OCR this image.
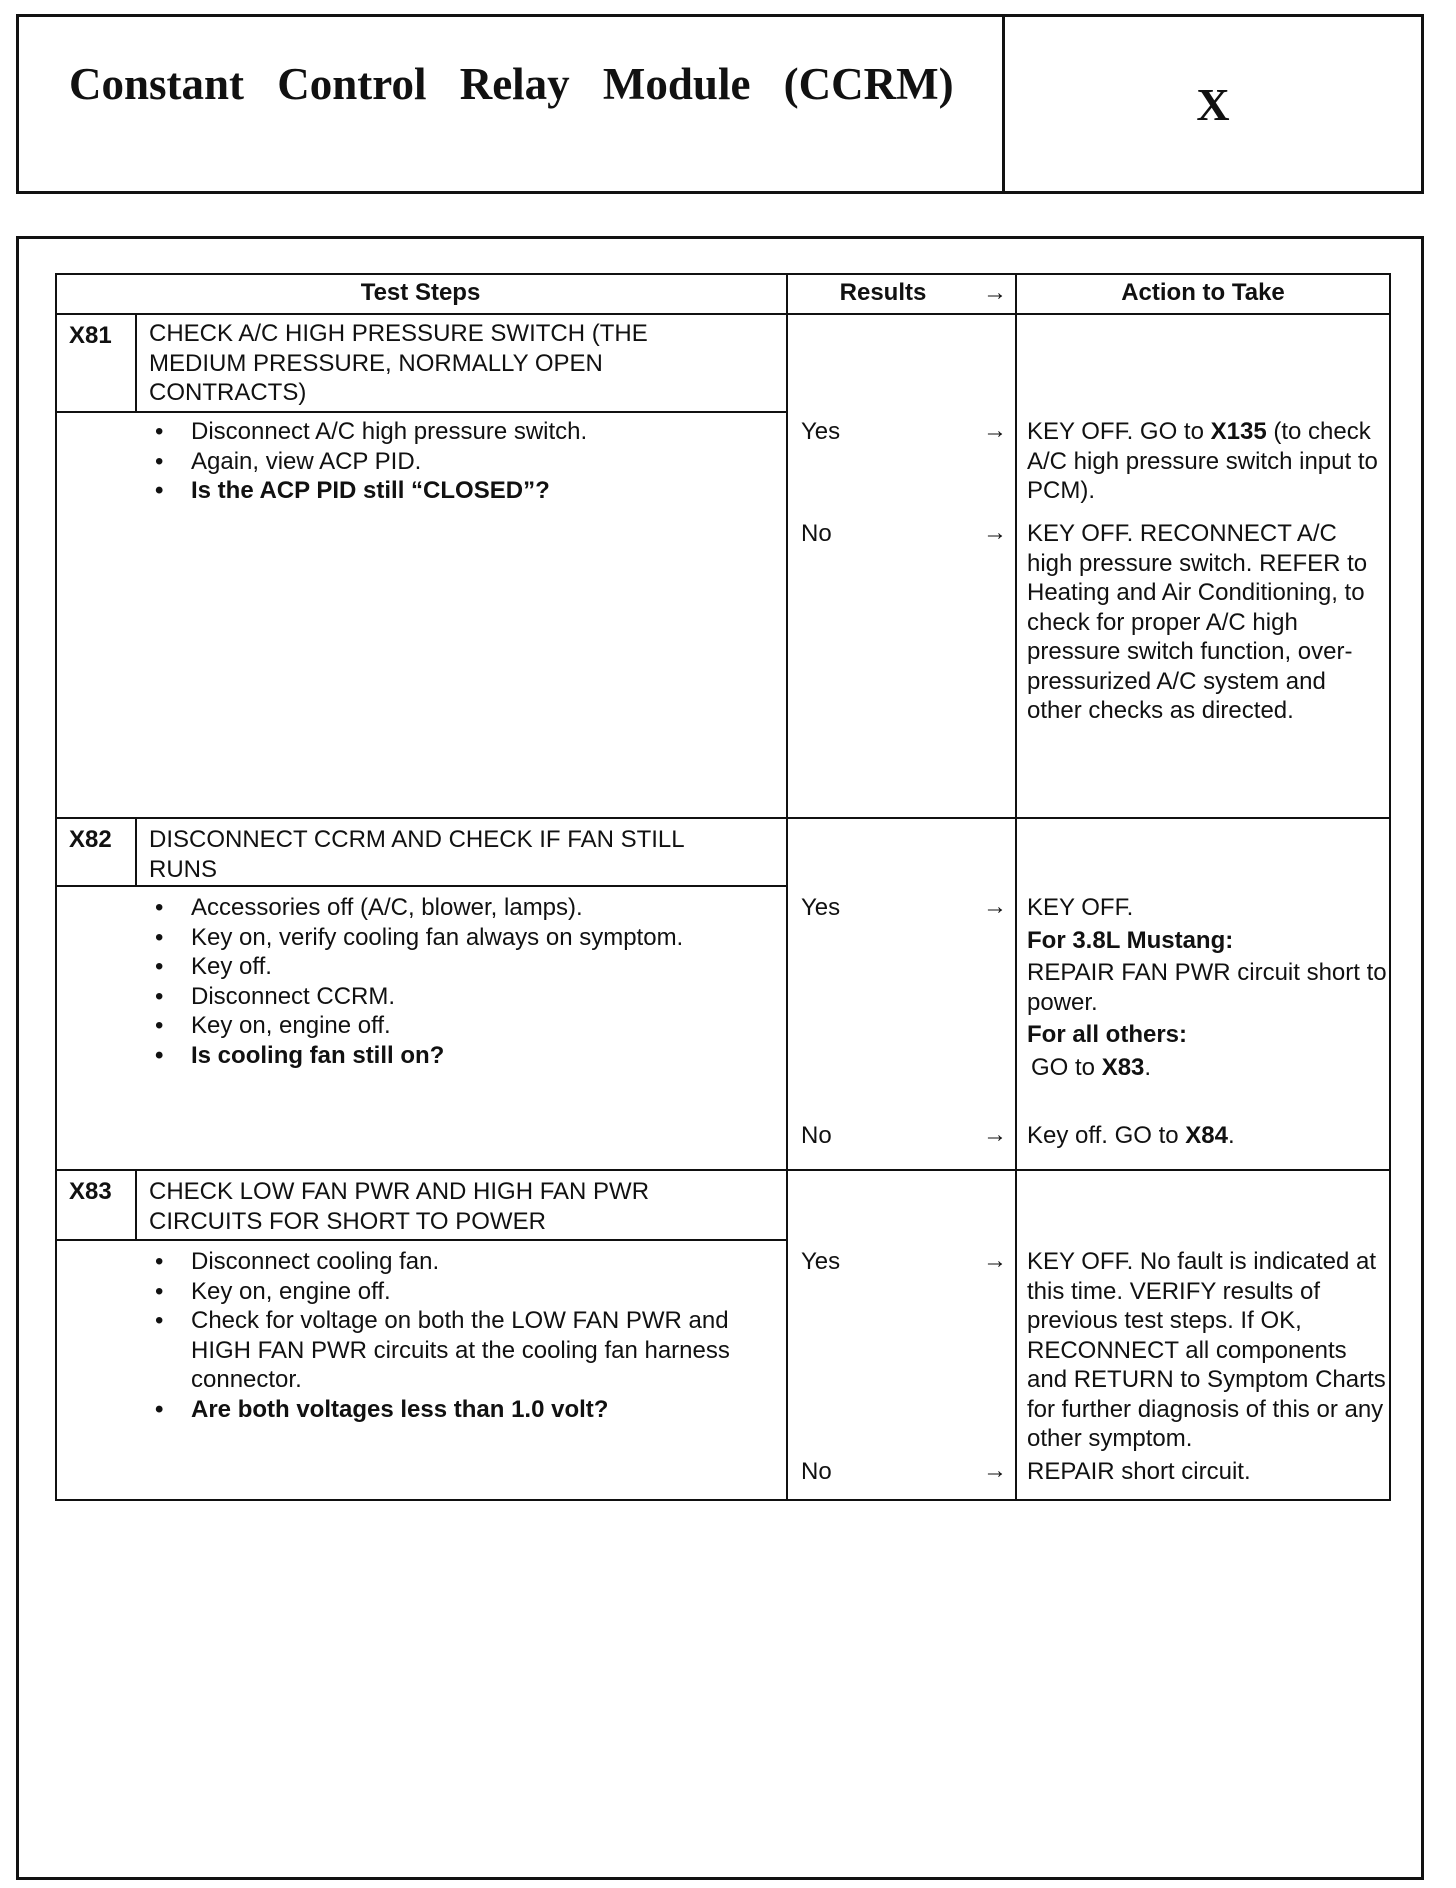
Constant Control Relay Module (CCRM)	X
Test Steps	Results	→	Action to Take
X81 CHECK A/C HIGH PRESSURE SWITCH (THE MEDIUM PRESSURE, NORMALLY OPEN CONTRACTS)
• Disconnect A/C high pressure switch.
• Again, view ACP PID.
• Is the ACP PID still “CLOSED”?
Yes	→ KEY OFF. GO to X135 (to check A/C high pressure switch input to PCM).
No	→ KEY OFF. RECONNECT A/C high pressure switch. REFER to Heating and Air Conditioning, to check for proper A/C high pressure switch function, over-pressurized A/C system and other checks as directed.
X82 DISCONNECT CCRM AND CHECK IF FAN STILL RUNS
• Accessories off (A/C, blower, lamps).
• Key on, verify cooling fan always on symptom.
• Key off.
• Disconnect CCRM.
• Key on, engine off.
• Is cooling fan still on?
Yes	→ KEY OFF.
For 3.8L Mustang:
REPAIR FAN PWR circuit short to power.
For all others:
GO to X83.
No	→ Key off. GO to X84.
X83 CHECK LOW FAN PWR AND HIGH FAN PWR CIRCUITS FOR SHORT TO POWER
• Disconnect cooling fan.
• Key on, engine off.
• Check for voltage on both the LOW FAN PWR and HIGH FAN PWR circuits at the cooling fan harness connector.
• Are both voltages less than 1.0 volt?
Yes	→ KEY OFF. No fault is indicated at this time. VERIFY results of previous test steps. If OK, RECONNECT all components and RETURN to Symptom Charts for further diagnosis of this or any other symptom.
No	→ REPAIR short circuit.
